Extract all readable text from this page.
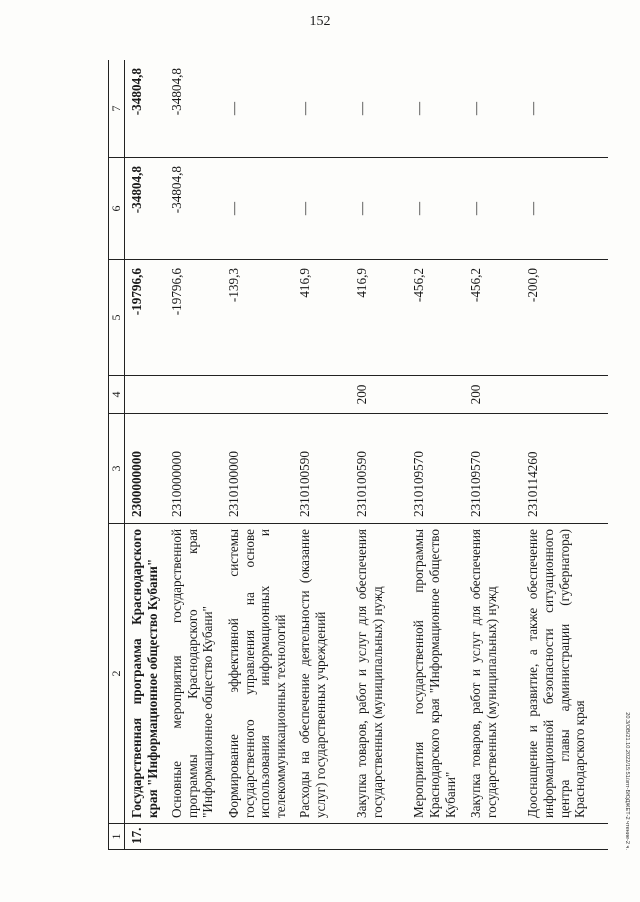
152
20.3/ОВ/21.10.2022/15:51/зпт-БЮДЖЕТ-2 чтение-2 ч.
1	2	3	4	5	6	7
17.	Государственная программа Краснодарского края "Информационное общество Кубани"	2300000000		-19796,6	-34804,8	-34804,8
	Основные мероприятия государственной программы Краснодарского края "Информационное общество Кубани"	2310000000		-19796,6	-34804,8	-34804,8
	Формирование эффективной системы государственного управления на основе использования информационных и телекоммуникационных технологий	2310100000		-139,3	—	—
	Расходы на обеспечение деятельности (оказание услуг) государственных учреждений	2310100590		416,9	—	—
	Закупка товаров, работ и услуг для обеспечения государственных (муниципальных) нужд	2310100590	200	416,9	—	—
	Мероприятия государственной программы Краснодарского края "Информационное общество Кубани"	2310109570		-456,2	—	—
	Закупка товаров, работ и услуг для обеспечения государственных (муниципальных) нужд	2310109570	200	-456,2	—	—
	Дооснащение и развитие, а также обеспечение информационной безопасности ситуационного центра главы администрации (губернатора) Краснодарского края	2310114260		-200,0	—	—
